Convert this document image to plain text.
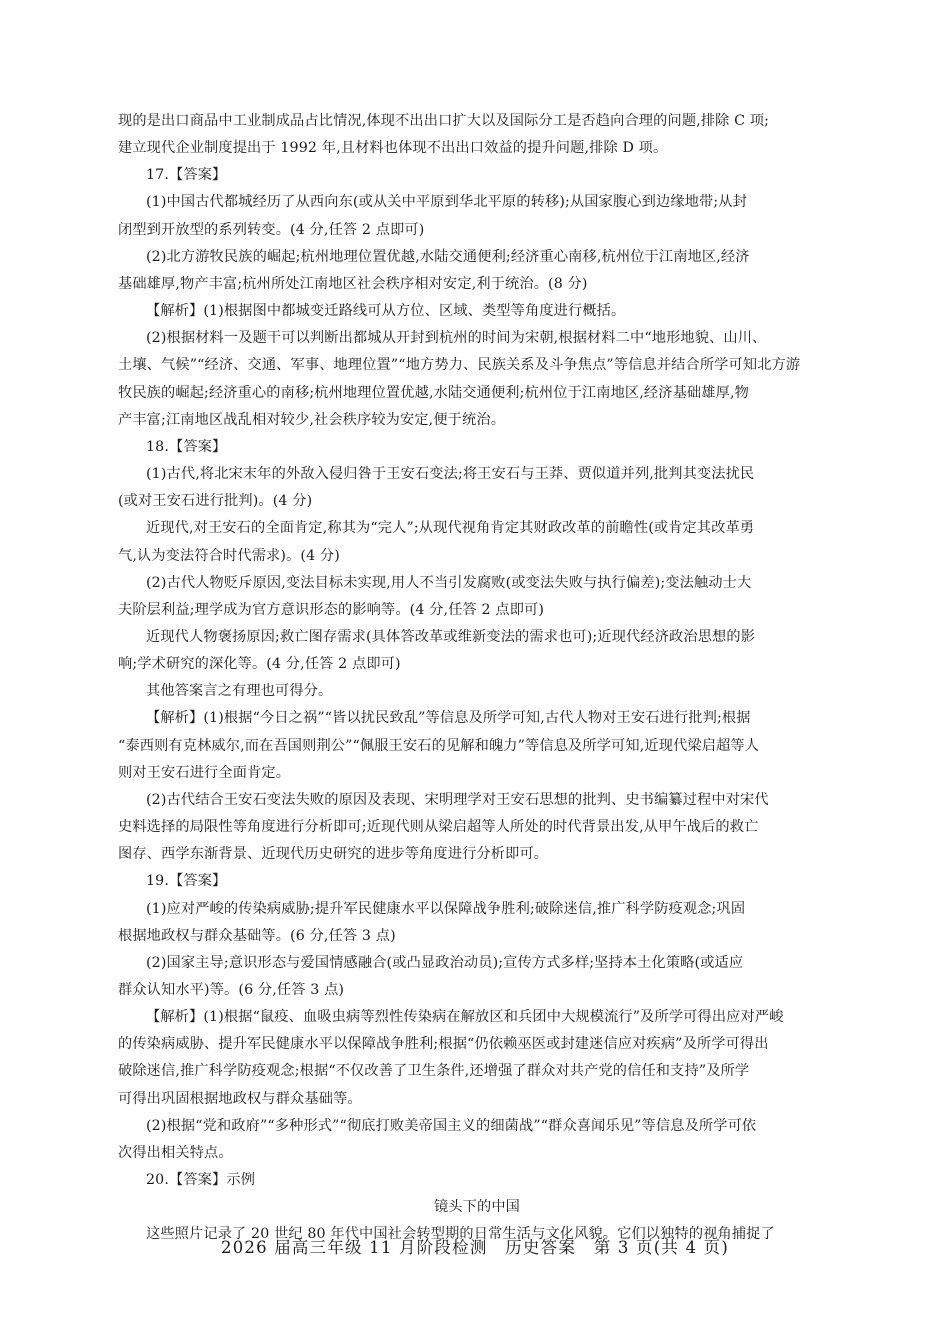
现的是出口商品中工业制成品占比情况,体现不出出口扩大以及国际分工是否趋向合理的问题,排除 C 项;

建立现代企业制度提出于 1992 年,且材料也体现不出出口效益的提升问题,排除 D 项。

17.【答案】

(1)中国古代都城经历了从西向东(或从关中平原到华北平原的转移);从国家腹心到边缘地带;从封

闭型到开放型的系列转变。(4 分,任答 2 点即可)

(2)北方游牧民族的崛起;杭州地理位置优越,水陆交通便利;经济重心南移,杭州位于江南地区,经济

基础雄厚,物产丰富;杭州所处江南地区社会秩序相对安定,利于统治。(8 分)

【解析】(1)根据图中都城变迁路线可从方位、区域、类型等角度进行概括。

(2)根据材料一及题干可以判断出都城从开封到杭州的时间为宋朝,根据材料二中“地形地貌、山川、

土壤、气候”“经济、交通、军事、地理位置”“地方势力、民族关系及斗争焦点”等信息并结合所学可知北方游

牧民族的崛起;经济重心的南移;杭州地理位置优越,水陆交通便利;杭州位于江南地区,经济基础雄厚,物

产丰富;江南地区战乱相对较少,社会秩序较为安定,便于统治。

18.【答案】

(1)古代,将北宋末年的外敌入侵归咎于王安石变法;将王安石与王莽、贾似道并列,批判其变法扰民

(或对王安石进行批判)。(4 分)

近现代,对王安石的全面肯定,称其为“完人”;从现代视角肯定其财政改革的前瞻性(或肯定其改革勇

气,认为变法符合时代需求)。(4 分)

(2)古代人物贬斥原因,变法目标未实现,用人不当引发腐败(或变法失败与执行偏差);变法触动士大

夫阶层利益;理学成为官方意识形态的影响等。(4 分,任答 2 点即可)

近现代人物褒扬原因;救亡图存需求(具体答改革或维新变法的需求也可);近现代经济政治思想的影

响;学术研究的深化等。(4 分,任答 2 点即可)

其他答案言之有理也可得分。

【解析】(1)根据“今日之祸”“皆以扰民致乱”等信息及所学可知,古代人物对王安石进行批判;根据

“泰西则有克林威尔,而在吾国则荆公”“佩服王安石的见解和魄力”等信息及所学可知,近现代梁启超等人

则对王安石进行全面肯定。

(2)古代结合王安石变法失败的原因及表现、宋明理学对王安石思想的批判、史书编纂过程中对宋代

史料选择的局限性等角度进行分析即可;近现代则从梁启超等人所处的时代背景出发,从甲午战后的救亡

图存、西学东渐背景、近现代历史研究的进步等角度进行分析即可。

19.【答案】

(1)应对严峻的传染病威胁;提升军民健康水平以保障战争胜利;破除迷信,推广科学防疫观念;巩固

根据地政权与群众基础等。(6 分,任答 3 点)

(2)国家主导;意识形态与爱国情感融合(或凸显政治动员);宣传方式多样;坚持本土化策略(或适应

群众认知水平)等。(6 分,任答 3 点)

【解析】(1)根据“鼠疫、血吸虫病等烈性传染病在解放区和兵团中大规模流行”及所学可得出应对严峻

的传染病威胁、提升军民健康水平以保障战争胜利;根据“仍依赖巫医或封建迷信应对疾病”及所学可得出

破除迷信,推广科学防疫观念;根据“不仅改善了卫生条件,还增强了群众对共产党的信任和支持”及所学

可得出巩固根据地政权与群众基础等。

(2)根据“党和政府”“多种形式”“彻底打败美帝国主义的细菌战”“群众喜闻乐见”等信息及所学可依

次得出相关特点。

20.【答案】示例

镜头下的中国

这些照片记录了 20 世纪 80 年代中国社会转型期的日常生活与文化风貌。它们以独特的视角捕捉了

2026 届高三年级 11 月阶段检测　历史答案　第 3 页(共 4 页)
